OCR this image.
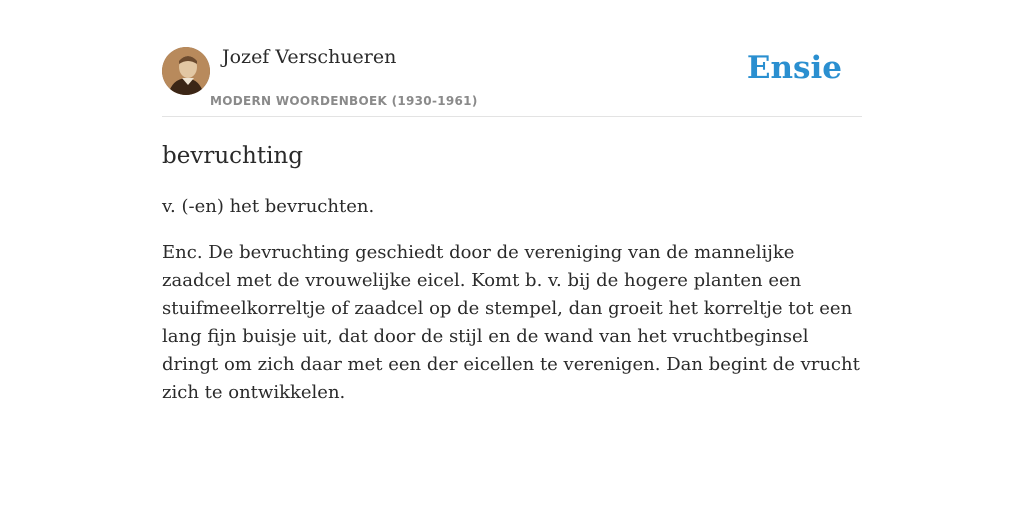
Jozef Verschueren
MODERN WOORDENBOEK (1930-1961)
Ensie
bevruchting

v. (-en) het bevruchten.

Enc. De bevruchting geschiedt door de vereniging van de mannelijke zaadcel met de vrouwelijke eicel. Komt b. v. bij de hogere planten een stuifmeelkorreltje of zaadcel op de stempel, dan groeit het korreltje tot een lang fijn buisje uit, dat door de stijl en de wand van het vruchtbeginsel dringt om zich daar met een der eicellen te verenigen. Dan begint de vrucht zich te ontwikkelen.
